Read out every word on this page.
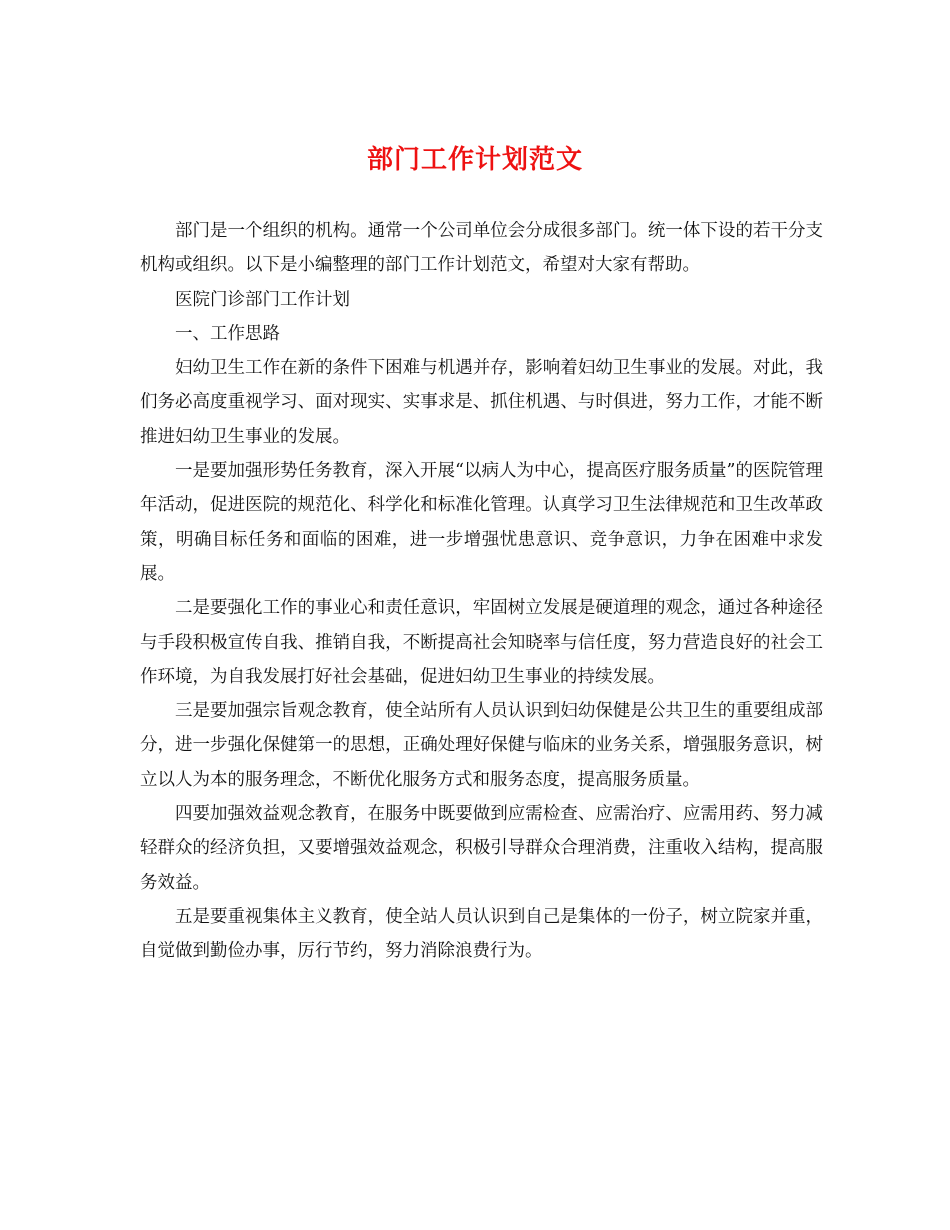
部门工作计划范文

部门是一个组织的机构。通常一个公司单位会分成很多部门。统一体下设的若干分支机构或组织。以下是小编整理的部门工作计划范文，希望对大家有帮助。

医院门诊部门工作计划

一、工作思路

妇幼卫生工作在新的条件下困难与机遇并存，影响着妇幼卫生事业的发展。对此，我们务必高度重视学习、面对现实、实事求是、抓住机遇、与时俱进，努力工作，才能不断推进妇幼卫生事业的发展。

一是要加强形势任务教育，深入开展“以病人为中心，提高医疗服务质量”的医院管理年活动，促进医院的规范化、科学化和标准化管理。认真学习卫生法律规范和卫生改革政策，明确目标任务和面临的困难，进一步增强忧患意识、竞争意识，力争在困难中求发展。

二是要强化工作的事业心和责任意识，牢固树立发展是硬道理的观念，通过各种途径与手段积极宣传自我、推销自我，不断提高社会知晓率与信任度，努力营造良好的社会工作环境，为自我发展打好社会基础，促进妇幼卫生事业的持续发展。

三是要加强宗旨观念教育，使全站所有人员认识到妇幼保健是公共卫生的重要组成部分，进一步强化保健第一的思想，正确处理好保健与临床的业务关系，增强服务意识，树立以人为本的服务理念，不断优化服务方式和服务态度，提高服务质量。

四要加强效益观念教育，在服务中既要做到应需检查、应需治疗、应需用药、努力减轻群众的经济负担，又要增强效益观念，积极引导群众合理消费，注重收入结构，提高服务效益。

五是要重视集体主义教育，使全站人员认识到自己是集体的一份子，树立院家并重，自觉做到勤俭办事，厉行节约，努力消除浪费行为。
